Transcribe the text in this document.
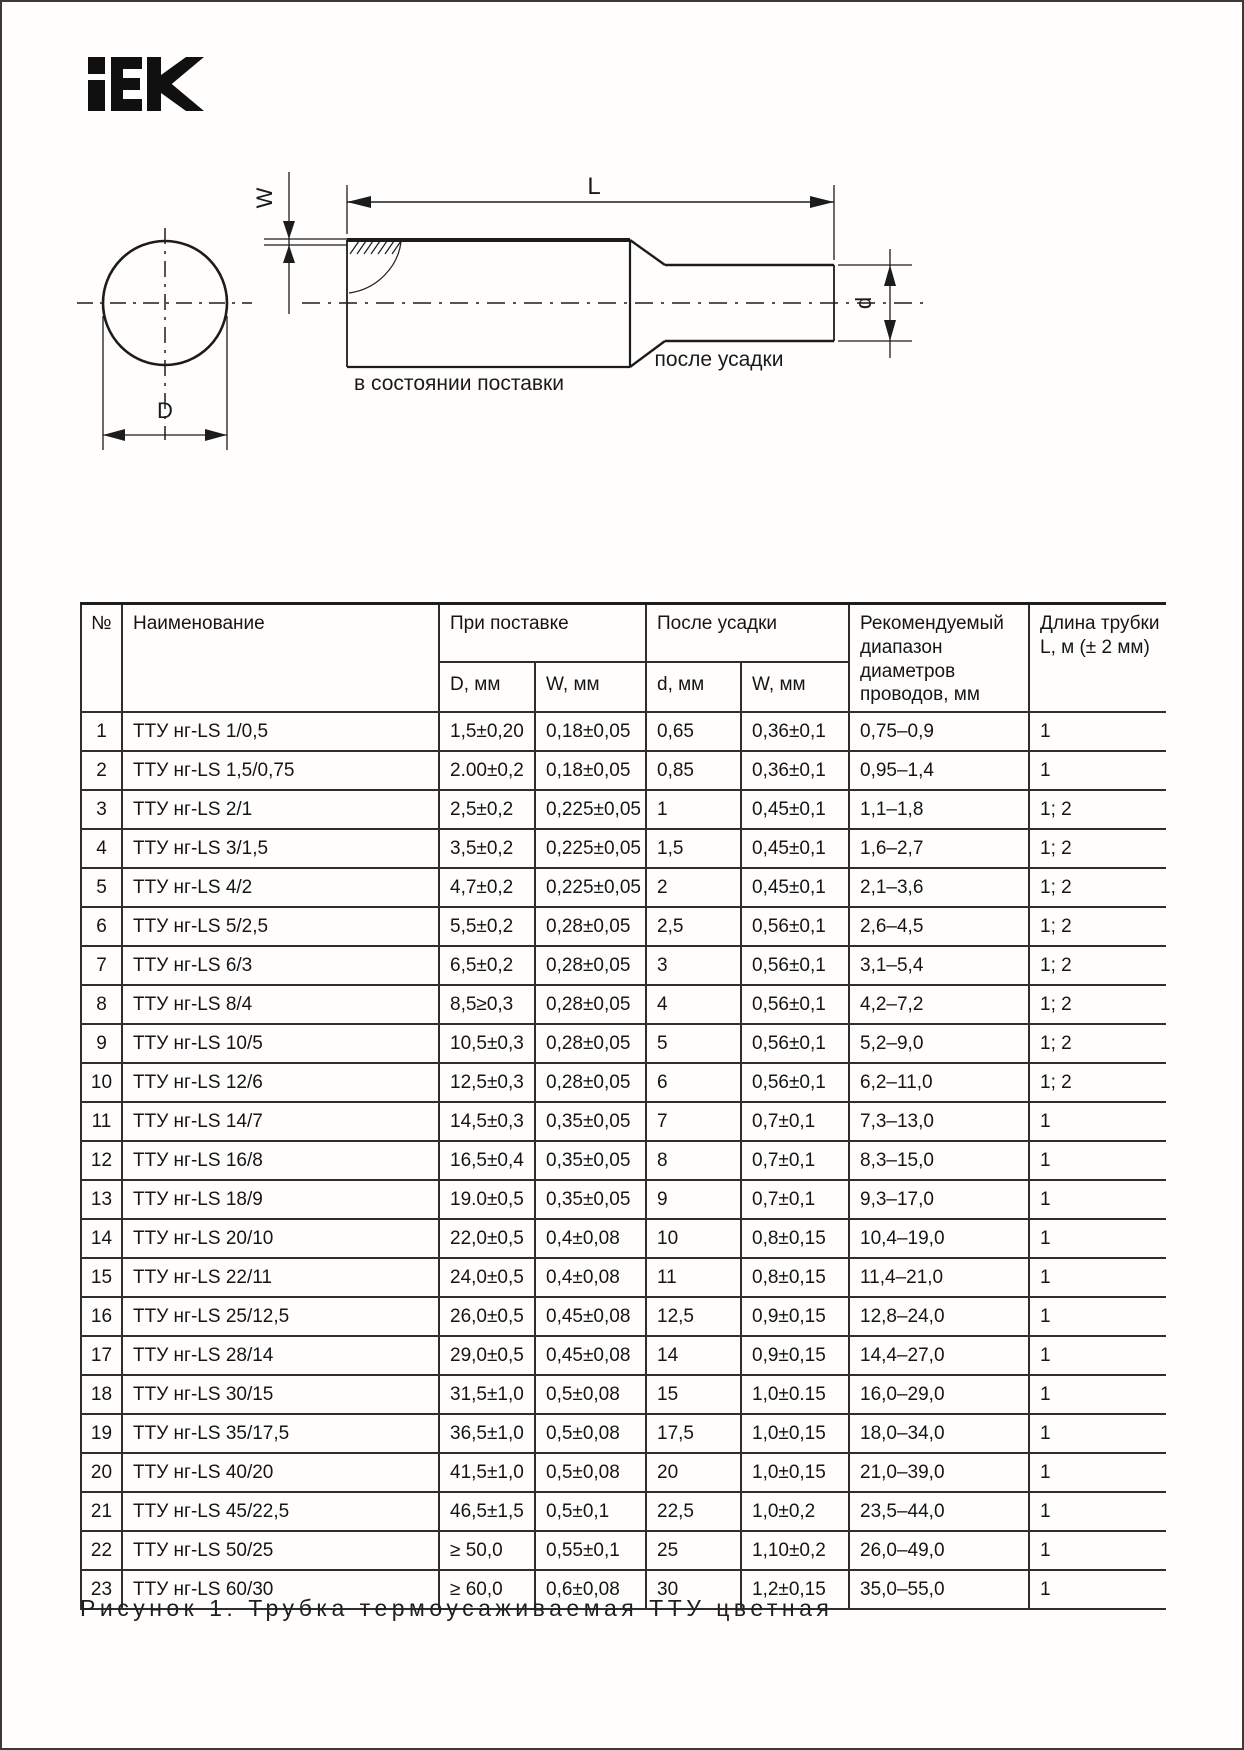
L
W
D
d
после усадки
в состоянии поставки
№	Наименование	При поставке		После усадки		Рекомендуемый диапазон диаметров проводов, мм	Длина трубки L, м (± 2 мм)
		D, мм	W, мм	d, мм	W, мм		
1	ТТУ нг-LS 1/0,5	1,5±0,20	0,18±0,05	0,65	0,36±0,1	0,75–0,9	1
2	ТТУ нг-LS 1,5/0,75	2.00±0,2	0,18±0,05	0,85	0,36±0,1	0,95–1,4	1
3	ТТУ нг-LS 2/1	2,5±0,2	0,225±0,05	1	0,45±0,1	1,1–1,8	1; 2
4	ТТУ нг-LS 3/1,5	3,5±0,2	0,225±0,05	1,5	0,45±0,1	1,6–2,7	1; 2
5	ТТУ нг-LS 4/2	4,7±0,2	0,225±0,05	2	0,45±0,1	2,1–3,6	1; 2
6	ТТУ нг-LS 5/2,5	5,5±0,2	0,28±0,05	2,5	0,56±0,1	2,6–4,5	1; 2
7	ТТУ нг-LS 6/3	6,5±0,2	0,28±0,05	3	0,56±0,1	3,1–5,4	1; 2
8	ТТУ нг-LS 8/4	8,5≥0,3	0,28±0,05	4	0,56±0,1	4,2–7,2	1; 2
9	ТТУ нг-LS 10/5	10,5±0,3	0,28±0,05	5	0,56±0,1	5,2–9,0	1; 2
10	ТТУ нг-LS 12/6	12,5±0,3	0,28±0,05	6	0,56±0,1	6,2–11,0	1; 2
11	ТТУ нг-LS 14/7	14,5±0,3	0,35±0,05	7	0,7±0,1	7,3–13,0	1
12	ТТУ нг-LS 16/8	16,5±0,4	0,35±0,05	8	0,7±0,1	8,3–15,0	1
13	ТТУ нг-LS 18/9	19.0±0,5	0,35±0,05	9	0,7±0,1	9,3–17,0	1
14	ТТУ нг-LS 20/10	22,0±0,5	0,4±0,08	10	0,8±0,15	10,4–19,0	1
15	ТТУ нг-LS 22/11	24,0±0,5	0,4±0,08	11	0,8±0,15	11,4–21,0	1
16	ТТУ нг-LS 25/12,5	26,0±0,5	0,45±0,08	12,5	0,9±0,15	12,8–24,0	1
17	ТТУ нг-LS 28/14	29,0±0,5	0,45±0,08	14	0,9±0,15	14,4–27,0	1
18	ТТУ нг-LS 30/15	31,5±1,0	0,5±0,08	15	1,0±0.15	16,0–29,0	1
19	ТТУ нг-LS 35/17,5	36,5±1,0	0,5±0,08	17,5	1,0±0,15	18,0–34,0	1
20	ТТУ нг-LS 40/20	41,5±1,0	0,5±0,08	20	1,0±0,15	21,0–39,0	1
21	ТТУ нг-LS 45/22,5	46,5±1,5	0,5±0,1	22,5	1,0±0,2	23,5–44,0	1
22	ТТУ нг-LS 50/25	≥ 50,0	0,55±0,1	25	1,10±0,2	26,0–49,0	1
23	ТТУ нг-LS 60/30	≥ 60,0	0,6±0,08	30	1,2±0,15	35,0–55,0	1
Рисунок 1. Трубка термоусаживаемая ТТУ цветная
